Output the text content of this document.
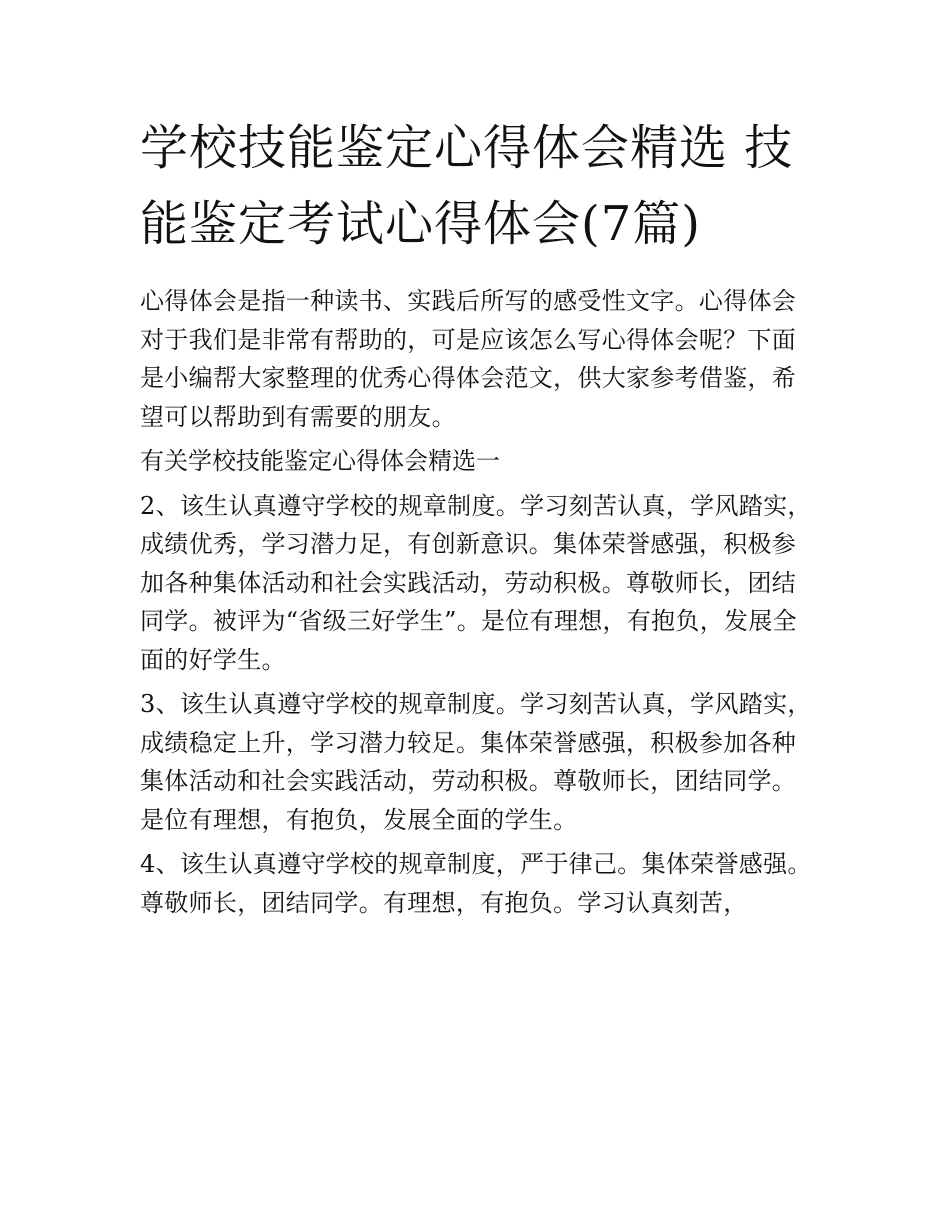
学校技能鉴定心得体会精选 技能鉴定考试心得体会(7篇)

心得体会是指一种读书、实践后所写的感受性文字。心得体会对于我们是非常有帮助的，可是应该怎么写心得体会呢？下面是小编帮大家整理的优秀心得体会范文，供大家参考借鉴，希望可以帮助到有需要的朋友。

有关学校技能鉴定心得体会精选一

2、该生认真遵守学校的规章制度。学习刻苦认真，学风踏实，成绩优秀，学习潜力足，有创新意识。集体荣誉感强，积极参加各种集体活动和社会实践活动，劳动积极。尊敬师长，团结同学。被评为“省级三好学生”。是位有理想，有抱负，发展全面的好学生。

3、该生认真遵守学校的规章制度。学习刻苦认真，学风踏实，成绩稳定上升，学习潜力较足。集体荣誉感强，积极参加各种集体活动和社会实践活动，劳动积极。尊敬师长，团结同学。是位有理想，有抱负，发展全面的学生。

4、该生认真遵守学校的规章制度，严于律己。集体荣誉感强。尊敬师长，团结同学。有理想，有抱负。学习认真刻苦，
